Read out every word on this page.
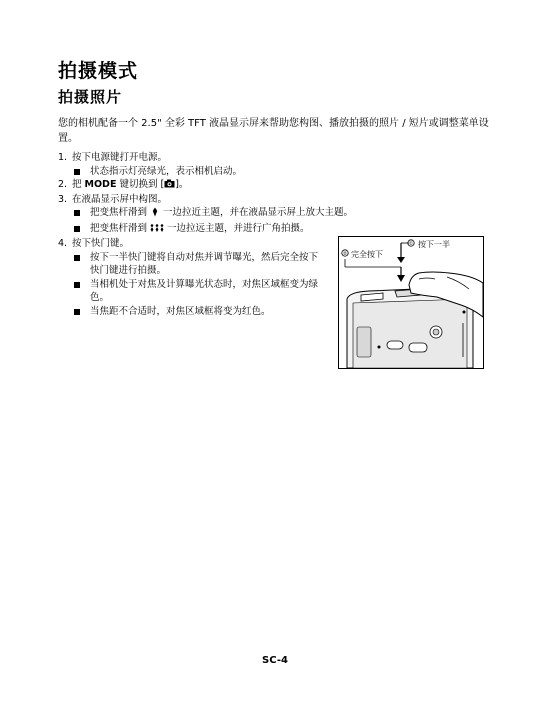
拍摄模式
拍摄照片

您的相机配备一个 2.5" 全彩 TFT 液晶显示屏来帮助您构图、播放拍摄的照片 / 短片或调整菜单设置。

1. 按下电源键打开电源。
状态指示灯亮绿光，表示相机启动。
2. 把 MODE 键切换到 [ ]。
3. 在液晶显示屏中构图。
把变焦杆滑到 一边拉近主题，并在液晶显示屏上放大主题。
把变焦杆滑到 一边拉远主题，并进行广角拍摄。
4. 按下快门键。
按下一半快门键将自动对焦并调节曝光，然后完全按下快门键进行拍摄。
当相机处于对焦及计算曝光状态时，对焦区域框变为绿色。
当焦距不合适时，对焦区域框将变为红色。
① 按下一半
② 完全按下
SC-4
